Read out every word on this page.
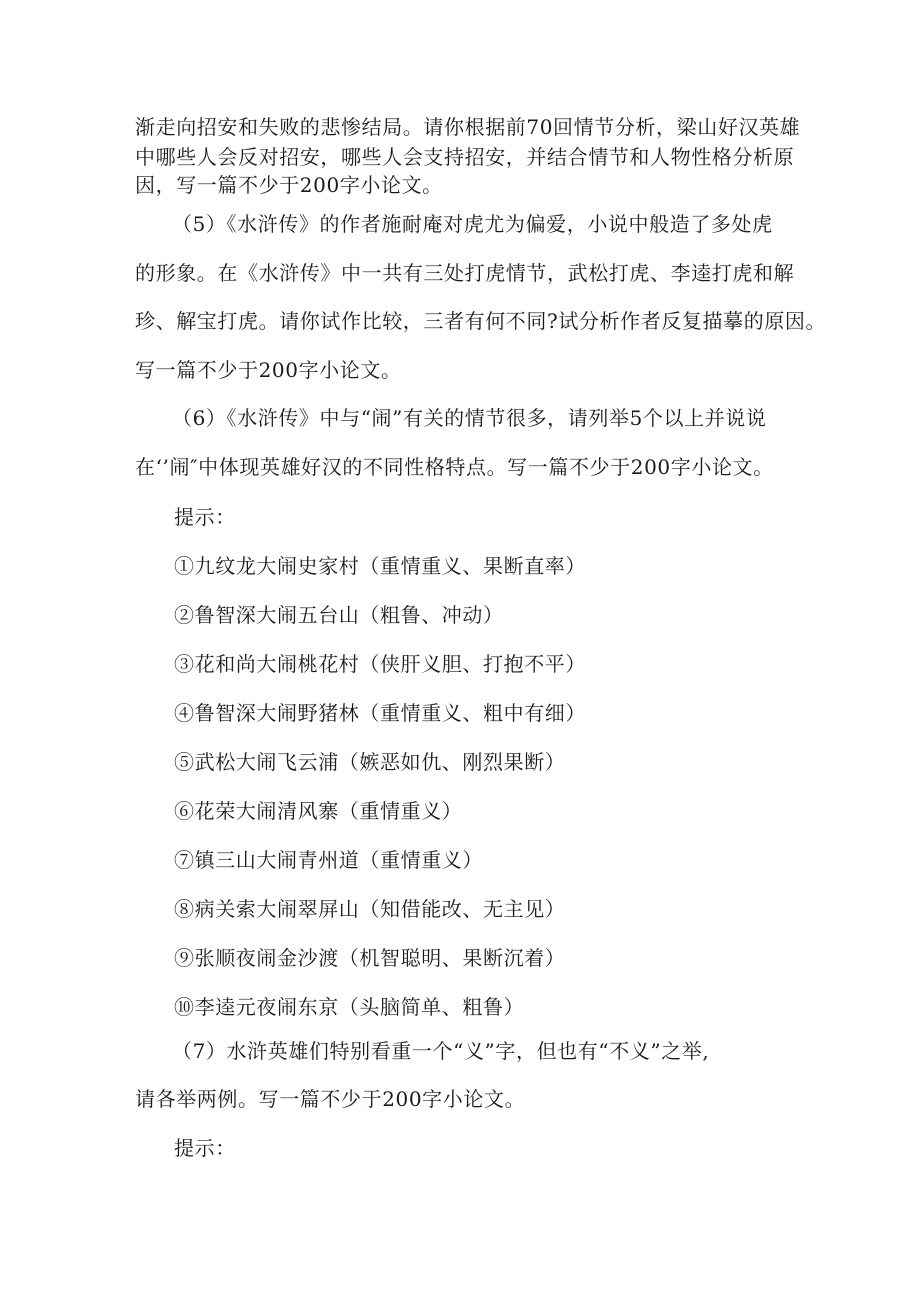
渐走向招安和失败的悲惨结局。请你根据前70回情节分析，梁山好汉英雄
中哪些人会反对招安，哪些人会支持招安，并结合情节和人物性格分析原
因，写一篇不少于200字小论文。
（5）《水浒传》的作者施耐庵对虎尤为偏爱，小说中般造了多处虎
的形象。在《水浒传》中一共有三处打虎情节，武松打虎、李逵打虎和解
珍、解宝打虎。请你试作比较，三者有何不同?试分析作者反复描摹的原因。
写一篇不少于200字小论文。
（6）《水浒传》中与“闹”有关的情节很多，请列举5个以上并说说
在‘’闹″中体现英雄好汉的不同性格特点。写一篇不少于200字小论文。
提示：
①九纹龙大闹史家村（重情重义、果断直率）
②鲁智深大闹五台山（粗鲁、冲动）
③花和尚大闹桃花村（侠肝义胆、打抱不平）
④鲁智深大闹野猪林（重情重义、粗中有细）
⑤武松大闹飞云浦（嫉恶如仇、刚烈果断）
⑥花荣大闹清风寨（重情重义）
⑦镇三山大闹青州道（重情重义）
⑧病关索大闹翠屏山（知借能改、无主见）
⑨张顺夜闹金沙渡（机智聪明、果断沉着）
⑩李逵元夜闹东京（头脑简单、粗鲁）
（7）水浒英雄们特别看重一个“义”字，但也有“不义”之举,
请各举两例。写一篇不少于200字小论文。
提示：
